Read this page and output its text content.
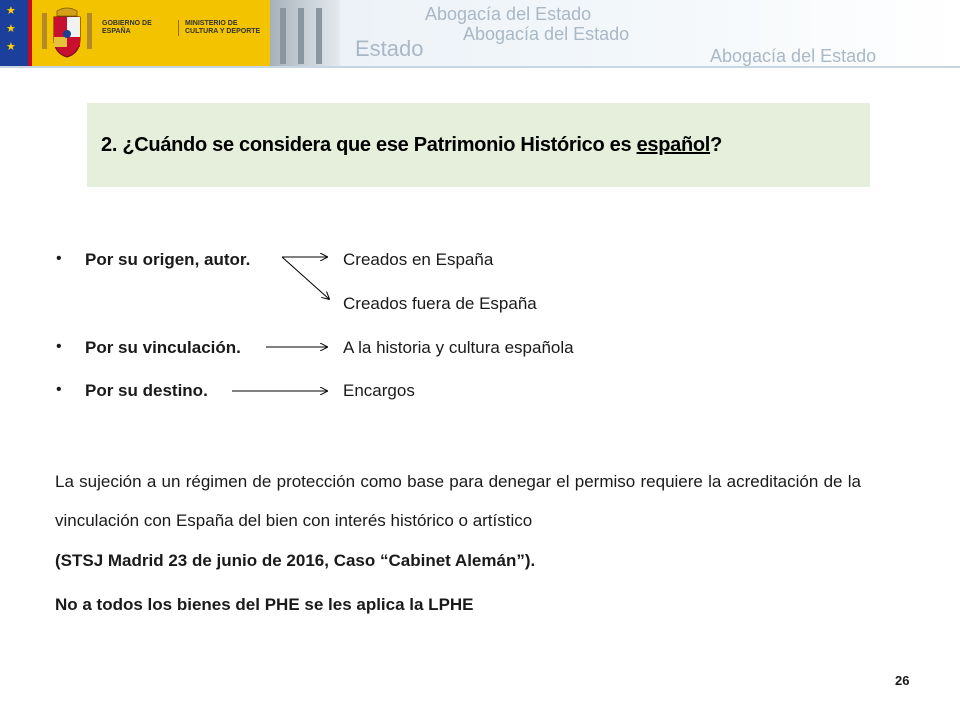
★
★
★
GOBIERNO DE ESPAÑA
MINISTERIO DE CULTURA Y DEPORTE
Abogacía del Estado
Abogacía del Estado
Estado	Abogacía del Estado
2. ¿Cuándo se considera que ese Patrimonio Histórico es español?
• Por su origen, autor.	Creados en España
Creados fuera de España
• Por su vinculación.	A la historia y cultura española
• Por su destino.	Encargos

La sujeción a un régimen de protección como base para denegar el permiso requiere la acreditación de la vinculación con España del bien con interés histórico o artístico

(STSJ Madrid 23 de junio de 2016, Caso “Cabinet Alemán”).
No a todos los bienes del PHE se les aplica la LPHE
26
